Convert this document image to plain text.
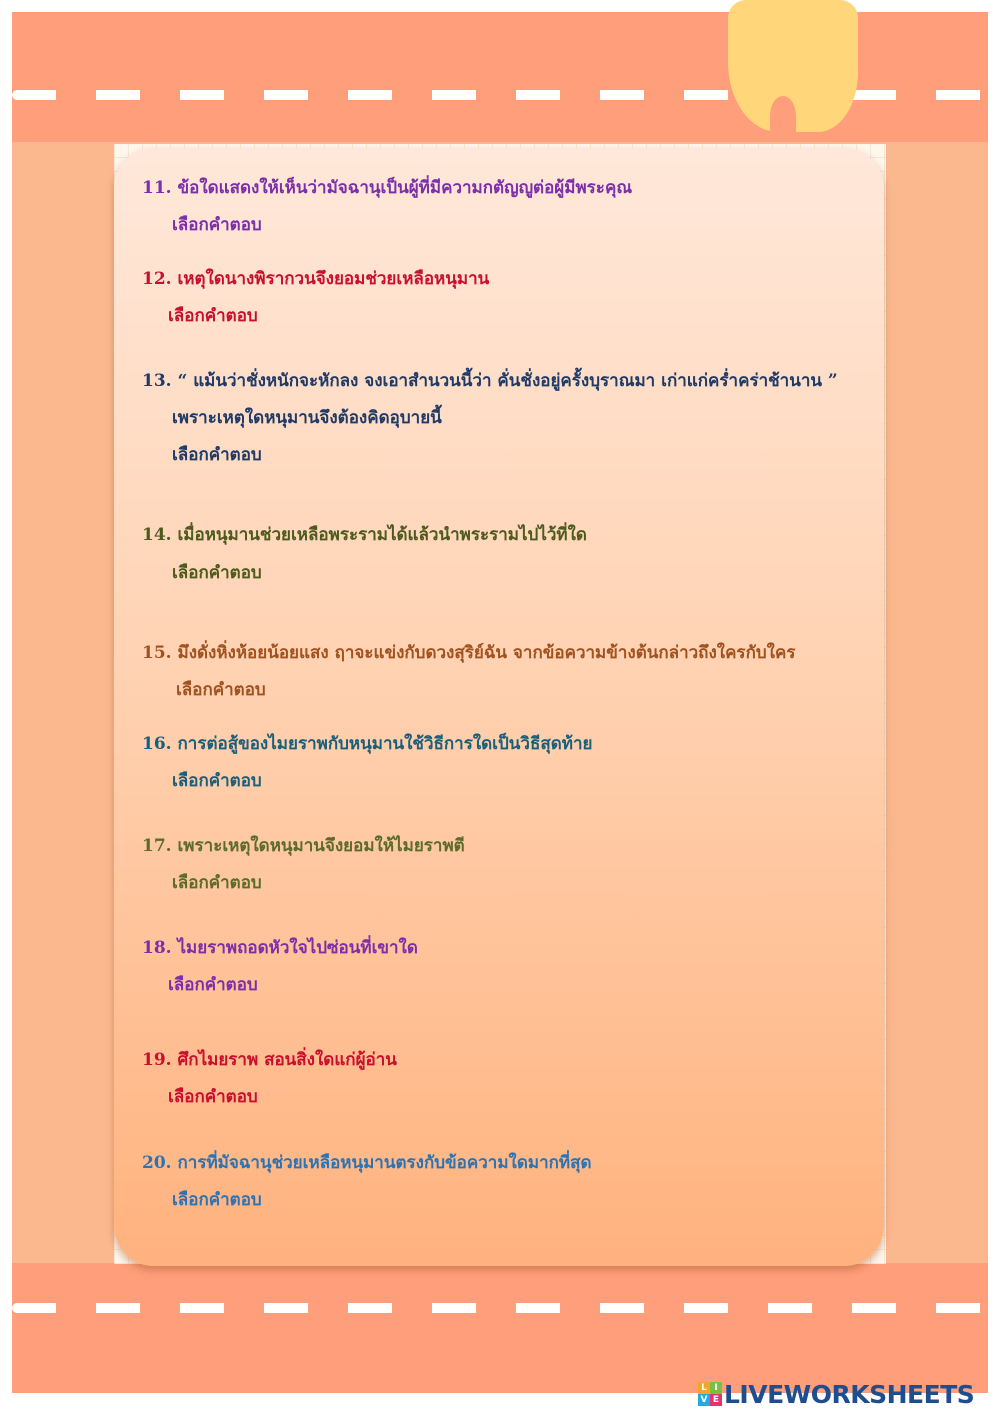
11. ข้อใดแสดงให้เห็นว่ามัจฉานุเป็นผู้ที่มีความกตัญญูต่อผู้มีพระคุณ
เลือกคำตอบ
12. เหตุใดนางพิรากวนจึงยอมช่วยเหลือหนุมาน
เลือกคำตอบ
13. “ แม้นว่าชั่งหนักจะหักลง จงเอาสำนวนนี้ว่า คั่นชั่งอยู่ครั้งบุราณมา เก่าแก่คร่ำคร่าช้านาน ”
เพราะเหตุใดหนุมานจึงต้องคิดอุบายนี้
เลือกคำตอบ
14. เมื่อหนุมานช่วยเหลือพระรามได้แล้วนำพระรามไปไว้ที่ใด
เลือกคำตอบ
15. มึงดั่งหิ่งห้อยน้อยแสง ฤาจะแข่งกับดวงสุริย์ฉัน จากข้อความข้างต้นกล่าวถึงใครกับใคร
เลือกคำตอบ
16. การต่อสู้ของไมยราพกับหนุมานใช้วิธีการใดเป็นวิธีสุดท้าย
เลือกคำตอบ
17. เพราะเหตุใดหนุมานจึงยอมให้ไมยราพตี
เลือกคำตอบ
18. ไมยราพถอดหัวใจไปซ่อนที่เขาใด
เลือกคำตอบ
19. ศึกไมยราพ สอนสิ่งใดแก่ผู้อ่าน
เลือกคำตอบ
20. การที่มัจฉานุช่วยเหลือหนุมานตรงกับข้อความใดมากที่สุด
เลือกคำตอบ
L I
V E LIVEWORKSHEETS
